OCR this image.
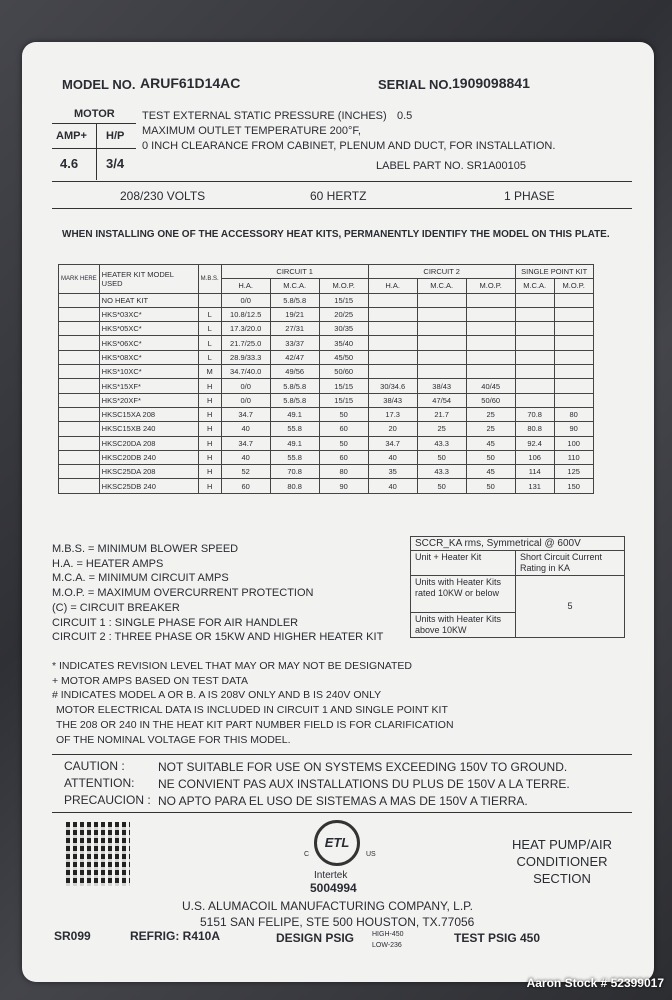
MODEL NO. ARUF61D14AC	SERIAL NO. 1909098841
MOTOR
AMP+ H/P
4.6 3/4
TEST EXTERNAL STATIC PRESSURE (INCHES) 0.5
MAXIMUM OUTLET TEMPERATURE 200°F,
0 INCH CLEARANCE FROM CABINET, PLENUM AND DUCT, FOR INSTALLATION.
LABEL PART NO. SR1A00105
208/230 VOLTS	60 HERTZ	1 PHASE
WHEN INSTALLING ONE OF THE ACCESSORY HEAT KITS, PERMANENTLY IDENTIFY THE MODEL ON THIS PLATE.
MARK HERE	HEATER KIT MODEL USED	M.B.S.	CIRCUIT 1			CIRCUIT 2			SINGLE POINT KIT	
			H.A.	M.C.A.	M.O.P.	H.A.	M.C.A.	M.O.P.	M.C.A.	M.O.P.
	NO HEAT KIT		0/0	5.8/5.8	15/15					
	HKS*03XC*	L	10.8/12.5	19/21	20/25					
	HKS*05XC*	L	17.3/20.0	27/31	30/35					
	HKS*06XC*	L	21.7/25.0	33/37	35/40					
	HKS*08XC*	L	28.9/33.3	42/47	45/50					
	HKS*10XC*	M	34.7/40.0	49/56	50/60					
	HKS*15XF*	H	0/0	5.8/5.8	15/15	30/34.6	38/43	40/45		
	HKS*20XF*	H	0/0	5.8/5.8	15/15	38/43	47/54	50/60		
	HKSC15XA 208	H	34.7	49.1	50	17.3	21.7	25	70.8	80
	HKSC15XB 240	H	40	55.8	60	20	25	25	80.8	90
	HKSC20DA 208	H	34.7	49.1	50	34.7	43.3	45	92.4	100
	HKSC20DB 240	H	40	55.8	60	40	50	50	106	110
	HKSC25DA 208	H	52	70.8	80	35	43.3	45	114	125
	HKSC25DB 240	H	60	80.8	90	40	50	50	131	150
M.B.S. = MINIMUM BLOWER SPEED
H.A. = HEATER AMPS
M.C.A. = MINIMUM CIRCUIT AMPS
M.O.P. = MAXIMUM OVERCURRENT PROTECTION
(C) = CIRCUIT BREAKER
CIRCUIT 1 : SINGLE PHASE FOR AIR HANDLER
CIRCUIT 2 : THREE PHASE OR 15KW AND HIGHER HEATER KIT
SCCR_KA rms, Symmetrical @ 600V	
Unit + Heater Kit	Short Circuit Current Rating in KA
Units with Heater Kits rated 10KW or below	5
Units with Heater Kits above 10KW	
* INDICATES REVISION LEVEL THAT MAY OR MAY NOT BE DESIGNATED
+ MOTOR AMPS BASED ON TEST DATA
# INDICATES MODEL A OR B. A IS 208V ONLY AND B IS 240V ONLY
MOTOR ELECTRICAL DATA IS INCLUDED IN CIRCUIT 1 AND SINGLE POINT KIT
THE 208 OR 240 IN THE HEAT KIT PART NUMBER FIELD IS FOR CLARIFICATION
OF THE NOMINAL VOLTAGE FOR THIS MODEL.
CAUTION :	NOT SUITABLE FOR USE ON SYSTEMS EXCEEDING 150V TO GROUND.
ATTENTION: NE CONVIENT PAS AUX INSTALLATIONS DU PLUS DE 150V A LA TERRE.
PRECAUCION : NO APTO PARA EL USO DE SISTEMAS A MAS DE 150V A TIERRA.
C
ETL
US
Intertek
5004994
HEAT PUMP/AIR CONDITIONER SECTION
U.S. ALUMACOIL MANUFACTURING COMPANY, L.P.
5151 SAN FELIPE, STE 500 HOUSTON, TX.77056
SR099	REFRIG: R410A	DESIGN PSIG	HIGH-450
LOW-236
TEST PSIG 450
Aaron Stock # 52399017
